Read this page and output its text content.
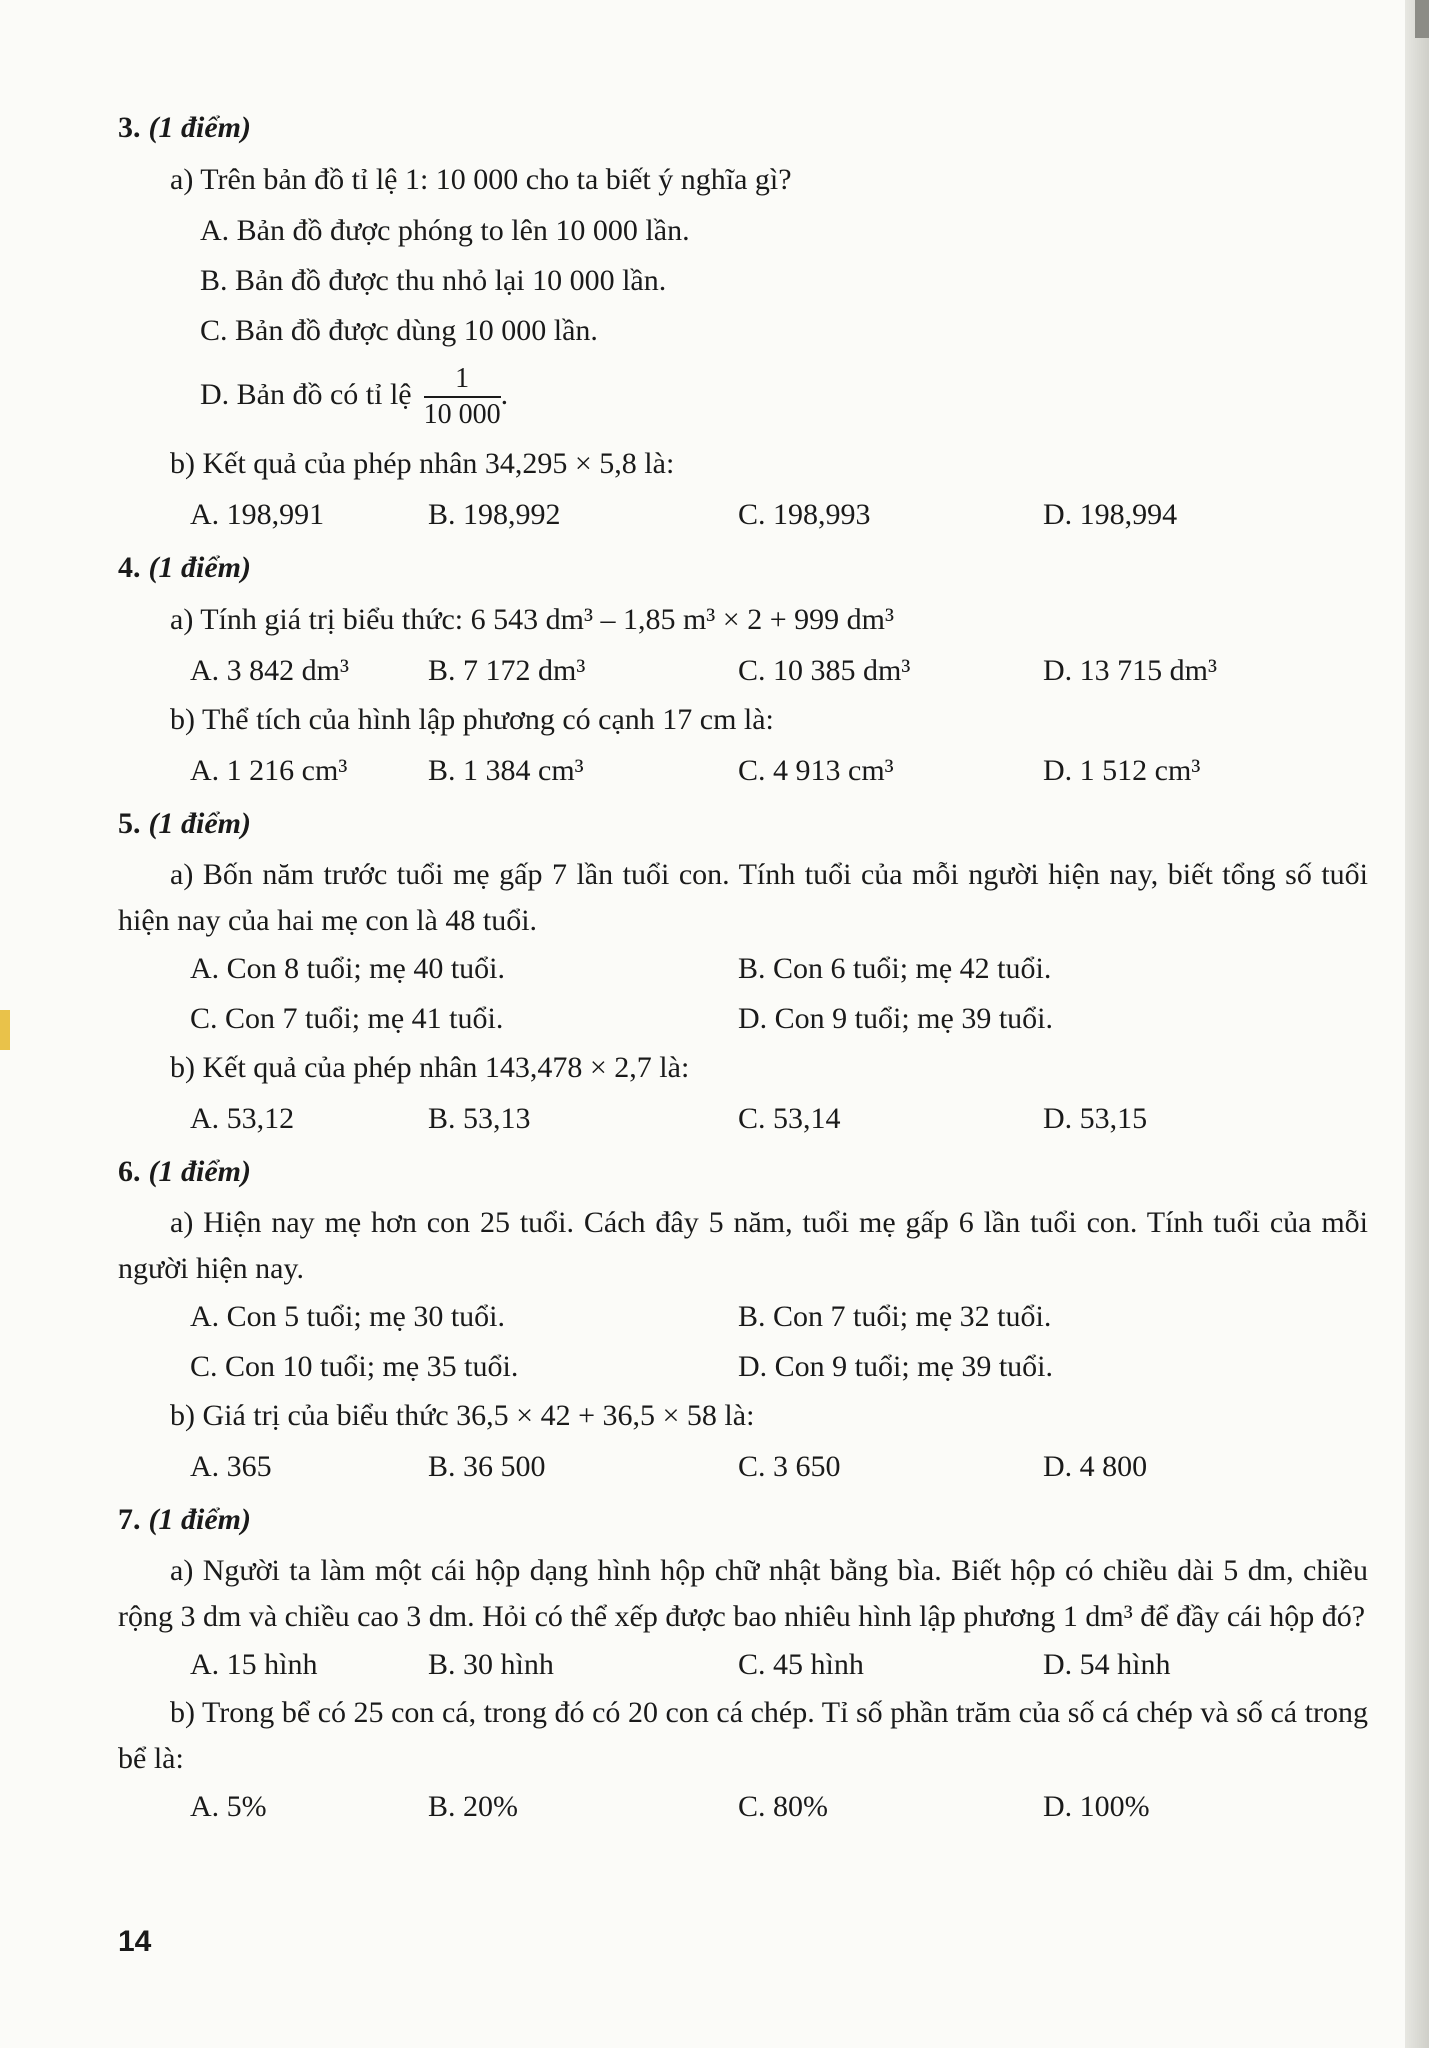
3. (1 điểm)
a) Trên bản đồ tỉ lệ 1: 10 000 cho ta biết ý nghĩa gì?
A. Bản đồ được phóng to lên 10 000 lần.
B. Bản đồ được thu nhỏ lại 10 000 lần.
C. Bản đồ được dùng 10 000 lần.
D. Bản đồ có tỉ lệ $\frac{1}{10 000}$ .
b) Kết quả của phép nhân 34,295 × 5,8 là:
A. 198,991	B. 198,992	C. 198,993	D. 198,994
4. (1 điểm)
a) Tính giá trị biểu thức: 6 543 dm³ – 1,85 m³ × 2 + 999 dm³
A. 3 842 dm³	B. 7 172 dm³	C. 10 385 dm³	D. 13 715 dm³
b) Thể tích của hình lập phương có cạnh 17 cm là:
A. 1 216 cm³	B. 1 384 cm³	C. 4 913 cm³	D. 1 512 cm³
5. (1 điểm)
a) Bốn năm trước tuổi mẹ gấp 7 lần tuổi con. Tính tuổi của mỗi người hiện nay, biết tổng số tuổi hiện nay của hai mẹ con là 48 tuổi.
A. Con 8 tuổi; mẹ 40 tuổi.	B. Con 6 tuổi; mẹ 42 tuổi.
C. Con 7 tuổi; mẹ 41 tuổi.	D. Con 9 tuổi; mẹ 39 tuổi.
b) Kết quả của phép nhân 143,478 × 2,7 là:
A. 53,12	B. 53,13	C. 53,14	D. 53,15
6. (1 điểm)
a) Hiện nay mẹ hơn con 25 tuổi. Cách đây 5 năm, tuổi mẹ gấp 6 lần tuổi con. Tính tuổi của mỗi người hiện nay.
A. Con 5 tuổi; mẹ 30 tuổi.	B. Con 7 tuổi; mẹ 32 tuổi.
C. Con 10 tuổi; mẹ 35 tuổi.	D. Con 9 tuổi; mẹ 39 tuổi.
b) Giá trị của biểu thức 36,5 × 42 + 36,5 × 58 là:
A. 365	B. 36 500	C. 3 650	D. 4 800
7. (1 điểm)
a) Người ta làm một cái hộp dạng hình hộp chữ nhật bằng bìa. Biết hộp có chiều dài 5 dm, chiều rộng 3 dm và chiều cao 3 dm. Hỏi có thể xếp được bao nhiêu hình lập phương 1 dm³ để đầy cái hộp đó?
A. 15 hình	B. 30 hình	C. 45 hình	D. 54 hình
b) Trong bể có 25 con cá, trong đó có 20 con cá chép. Tỉ số phần trăm của số cá chép và số cá trong bể là:
A. 5%	B. 20%	C. 80%	D. 100%
14
